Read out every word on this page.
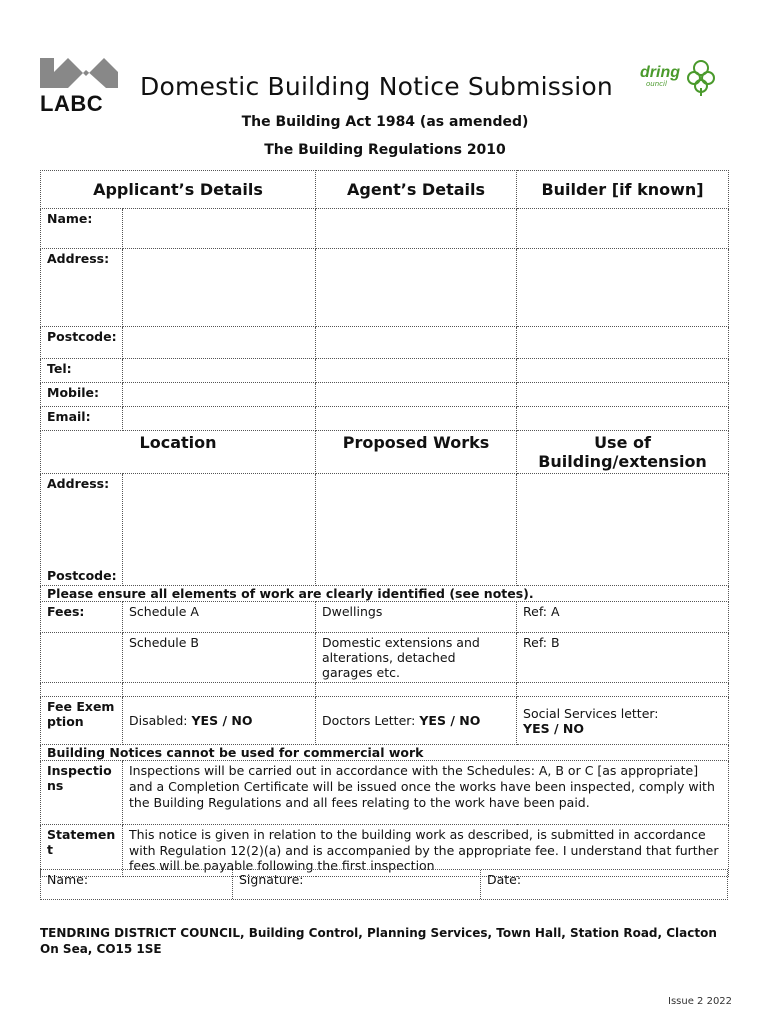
LABC
Domestic Building Notice Submission dring
ouncil
The Building Act 1984 (as amended)
The Building Regulations 2010
Applicant’s Details		Agent’s Details	Builder [if known]
Name:			
Address:			
Postcode:			
Tel:			
Mobile:			
Email:			
Location		Proposed Works	Use of Building/extension

Address:
Postcode:			

Please ensure all elements of work are clearly identified (see notes).			
Fees:	Schedule A	Dwellings	Ref: A
	Schedule B	Domestic extensions and alterations, detached garages etc.	Ref: B

Fee Exemption	Disabled: YES / NO	Doctors Letter: YES / NO	Social Services letter:
YES / NO

Building Notices cannot be used for commercial work			
Inspections	Inspections will be carried out in accordance with the Schedules: A, B or C [as appropriate] and a Completion Certificate will be issued once the works have been inspected, comply with the Building Regulations and all fees relating to the work have been paid.		
Statement	This notice is given in relation to the building work as described, is submitted in accordance with Regulation 12(2)(a) and is accompanied by the appropriate fee. I understand that further fees will be payable following the first inspection		
Name:	Signature:	Date:
TENDRING DISTRICT COUNCIL, Building Control, Planning Services, Town Hall, Station Road, Clacton On Sea, CO15 1SE
Issue 2 2022
